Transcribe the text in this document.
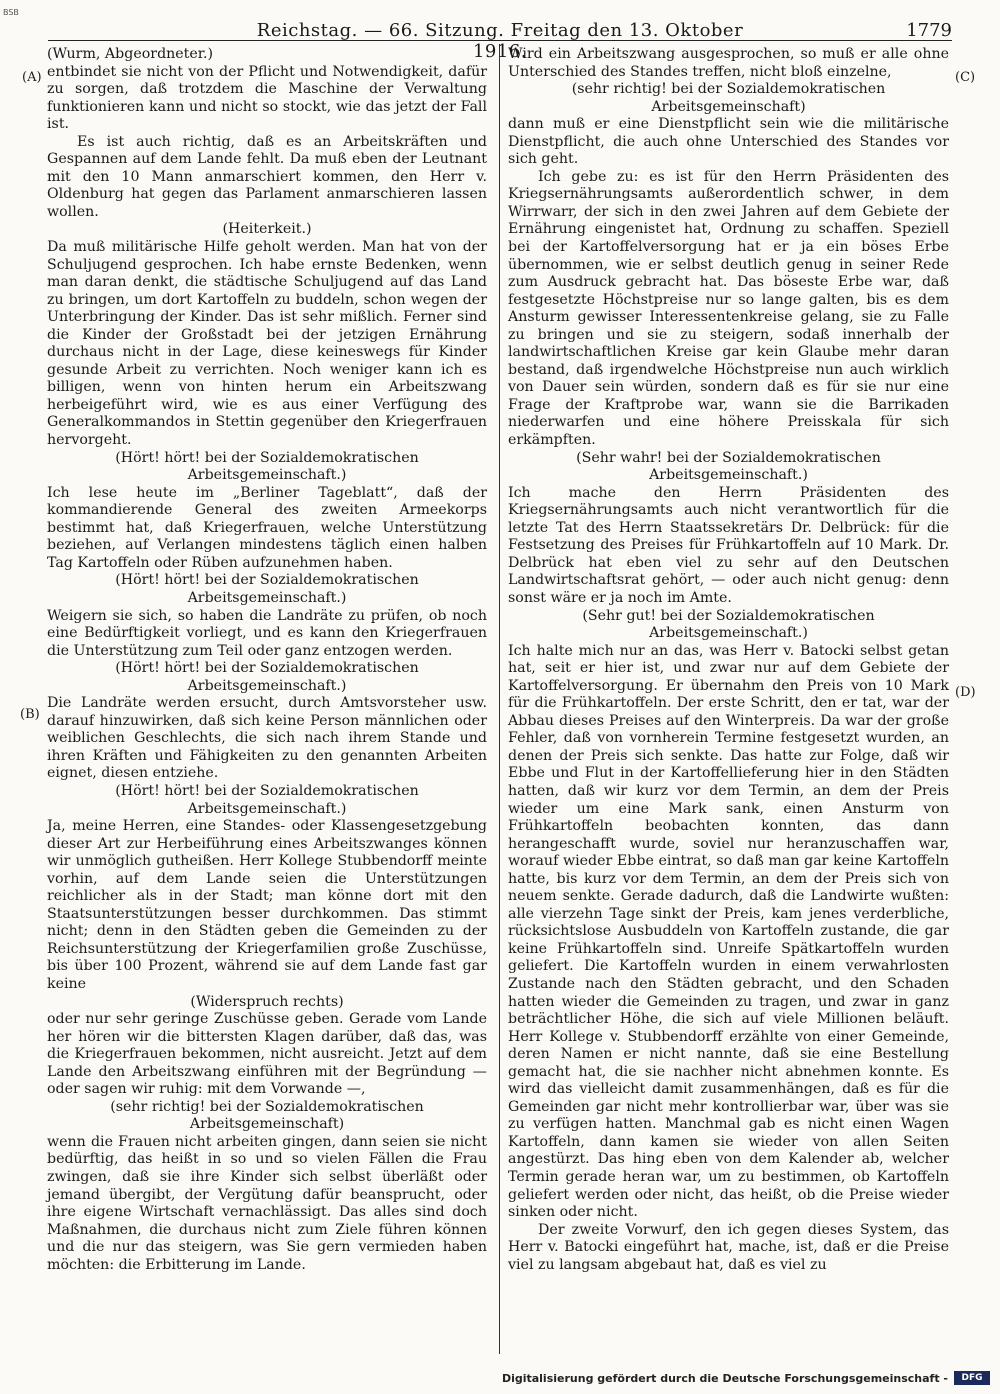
BSB
Reichstag. — 66. Sitzung. Freitag den 13. Oktober 1916.
1779
(A)
(B)
(C)
(D)

(Wurm, Abgeordneter.)

entbindet sie nicht von der Pflicht und Notwendigkeit, dafür zu sorgen, daß trotzdem die Maschine der Verwaltung funktionieren kann und nicht so stockt, wie das jetzt der Fall ist.

Es ist auch richtig, daß es an Arbeitskräften und Gespannen auf dem Lande fehlt. Da muß eben der Leutnant mit den 10 Mann anmarschiert kommen, den Herr v. Oldenburg hat gegen das Parlament anmarschieren lassen wollen.

(Heiterkeit.)

Da muß militärische Hilfe geholt werden. Man hat von der Schuljugend gesprochen. Ich habe ernste Bedenken, wenn man daran denkt, die städtische Schuljugend auf das Land zu bringen, um dort Kartoffeln zu buddeln, schon wegen der Unterbringung der Kinder. Das ist sehr mißlich. Ferner sind die Kinder der Großstadt bei der jetzigen Ernährung durchaus nicht in der Lage, diese keineswegs für Kinder gesunde Arbeit zu verrichten. Noch weniger kann ich es billigen, wenn von hinten herum ein Arbeitszwang herbeigeführt wird, wie es aus einer Verfügung des Generalkommandos in Stettin gegenüber den Kriegerfrauen hervorgeht.

(Hört! hört! bei der Sozialdemokratischen Arbeitsgemeinschaft.)

Ich lese heute im „Berliner Tageblatt“, daß der kommandierende General des zweiten Armeekorps bestimmt hat, daß Kriegerfrauen, welche Unterstützung beziehen, auf Verlangen mindestens täglich einen halben Tag Kartoffeln oder Rüben aufzunehmen haben.

(Hört! hört! bei der Sozialdemokratischen Arbeitsgemeinschaft.)

Weigern sie sich, so haben die Landräte zu prüfen, ob noch eine Bedürftigkeit vorliegt, und es kann den Kriegerfrauen die Unterstützung zum Teil oder ganz entzogen werden.

(Hört! hört! bei der Sozialdemokratischen Arbeitsgemeinschaft.)

Die Landräte werden ersucht, durch Amtsvorsteher usw. darauf hinzuwirken, daß sich keine Person männlichen oder weiblichen Geschlechts, die sich nach ihrem Stande und ihren Kräften und Fähigkeiten zu den genannten Arbeiten eignet, diesen entziehe.

(Hört! hört! bei der Sozialdemokratischen Arbeitsgemeinschaft.)

Ja, meine Herren, eine Standes- oder Klassengesetzgebung dieser Art zur Herbeiführung eines Arbeitszwanges können wir unmöglich gutheißen. Herr Kollege Stubbendorff meinte vorhin, auf dem Lande seien die Unterstützungen reichlicher als in der Stadt; man könne dort mit den Staatsunterstützungen besser durchkommen. Das stimmt nicht; denn in den Städten geben die Gemeinden zu der Reichsunterstützung der Kriegerfamilien große Zuschüsse, bis über 100 Prozent, während sie auf dem Lande fast gar keine

(Widerspruch rechts)

oder nur sehr geringe Zuschüsse geben. Gerade vom Lande her hören wir die bittersten Klagen darüber, daß das, was die Kriegerfrauen bekommen, nicht ausreicht. Jetzt auf dem Lande den Arbeitszwang einführen mit der Begründung — oder sagen wir ruhig: mit dem Vorwande —,

(sehr richtig! bei der Sozialdemokratischen Arbeitsgemeinschaft)

wenn die Frauen nicht arbeiten gingen, dann seien sie nicht bedürftig, das heißt in so und so vielen Fällen die Frau zwingen, daß sie ihre Kinder sich selbst überläßt oder jemand übergibt, der Vergütung dafür beansprucht, oder ihre eigene Wirtschaft vernachlässigt. Das alles sind doch Maßnahmen, die durchaus nicht zum Ziele führen können und die nur das steigern, was Sie gern vermieden haben möchten: die Erbitterung im Lande.

Wird ein Arbeitszwang ausgesprochen, so muß er alle ohne Unterschied des Standes treffen, nicht bloß einzelne,

(sehr richtig! bei der Sozialdemokratischen Arbeitsgemeinschaft)

dann muß er eine Dienstpflicht sein wie die militärische Dienstpflicht, die auch ohne Unterschied des Standes vor sich geht.

Ich gebe zu: es ist für den Herrn Präsidenten des Kriegsernährungsamts außerordentlich schwer, in dem Wirrwarr, der sich in den zwei Jahren auf dem Gebiete der Ernährung eingenistet hat, Ordnung zu schaffen. Speziell bei der Kartoffelversorgung hat er ja ein böses Erbe übernommen, wie er selbst deutlich genug in seiner Rede zum Ausdruck gebracht hat. Das böseste Erbe war, daß festgesetzte Höchstpreise nur so lange galten, bis es dem Ansturm gewisser Interessentenkreise gelang, sie zu Falle zu bringen und sie zu steigern, sodaß innerhalb der landwirtschaftlichen Kreise gar kein Glaube mehr daran bestand, daß irgendwelche Höchstpreise nun auch wirklich von Dauer sein würden, sondern daß es für sie nur eine Frage der Kraftprobe war, wann sie die Barrikaden niederwarfen und eine höhere Preisskala für sich erkämpften.

(Sehr wahr! bei der Sozialdemokratischen Arbeitsgemeinschaft.)

Ich mache den Herrn Präsidenten des Kriegsernährungsamts auch nicht verantwortlich für die letzte Tat des Herrn Staatssekretärs Dr. Delbrück: für die Festsetzung des Preises für Frühkartoffeln auf 10 Mark. Dr. Delbrück hat eben viel zu sehr auf den Deutschen Landwirtschaftsrat gehört, — oder auch nicht genug: denn sonst wäre er ja noch im Amte.

(Sehr gut! bei der Sozialdemokratischen Arbeitsgemeinschaft.)

Ich halte mich nur an das, was Herr v. Batocki selbst getan hat, seit er hier ist, und zwar nur auf dem Gebiete der Kartoffelversorgung. Er übernahm den Preis von 10 Mark für die Frühkartoffeln. Der erste Schritt, den er tat, war der Abbau dieses Preises auf den Winterpreis. Da war der große Fehler, daß von vornherein Termine festgesetzt wurden, an denen der Preis sich senkte. Das hatte zur Folge, daß wir Ebbe und Flut in der Kartoffellieferung hier in den Städten hatten, daß wir kurz vor dem Termin, an dem der Preis wieder um eine Mark sank, einen Ansturm von Frühkartoffeln beobachten konnten, das dann herangeschafft wurde, soviel nur heranzuschaffen war, worauf wieder Ebbe eintrat, so daß man gar keine Kartoffeln hatte, bis kurz vor dem Termin, an dem der Preis sich von neuem senkte. Gerade dadurch, daß die Landwirte wußten: alle vierzehn Tage sinkt der Preis, kam jenes verderbliche, rücksichtslose Ausbuddeln von Kartoffeln zustande, die gar keine Frühkartoffeln sind. Unreife Spätkartoffeln wurden geliefert. Die Kartoffeln wurden in einem verwahrlosten Zustande nach den Städten gebracht, und den Schaden hatten wieder die Gemeinden zu tragen, und zwar in ganz beträchtlicher Höhe, die sich auf viele Millionen beläuft. Herr Kollege v. Stubbendorff erzählte von einer Gemeinde, deren Namen er nicht nannte, daß sie eine Bestellung gemacht hat, die sie nachher nicht abnehmen konnte. Es wird das vielleicht damit zusammenhängen, daß es für die Gemeinden gar nicht mehr kontrollierbar war, über was sie zu verfügen hatten. Manchmal gab es nicht einen Wagen Kartoffeln, dann kamen sie wieder von allen Seiten angestürzt. Das hing eben von dem Kalender ab, welcher Termin gerade heran war, um zu bestimmen, ob Kartoffeln geliefert werden oder nicht, das heißt, ob die Preise wieder sinken oder nicht.

Der zweite Vorwurf, den ich gegen dieses System, das Herr v. Batocki eingeführt hat, mache, ist, daß er die Preise viel zu langsam abgebaut hat, daß es viel zu

Digitalisierung gefördert durch die Deutsche Forschungsgemeinschaft -	DFG
